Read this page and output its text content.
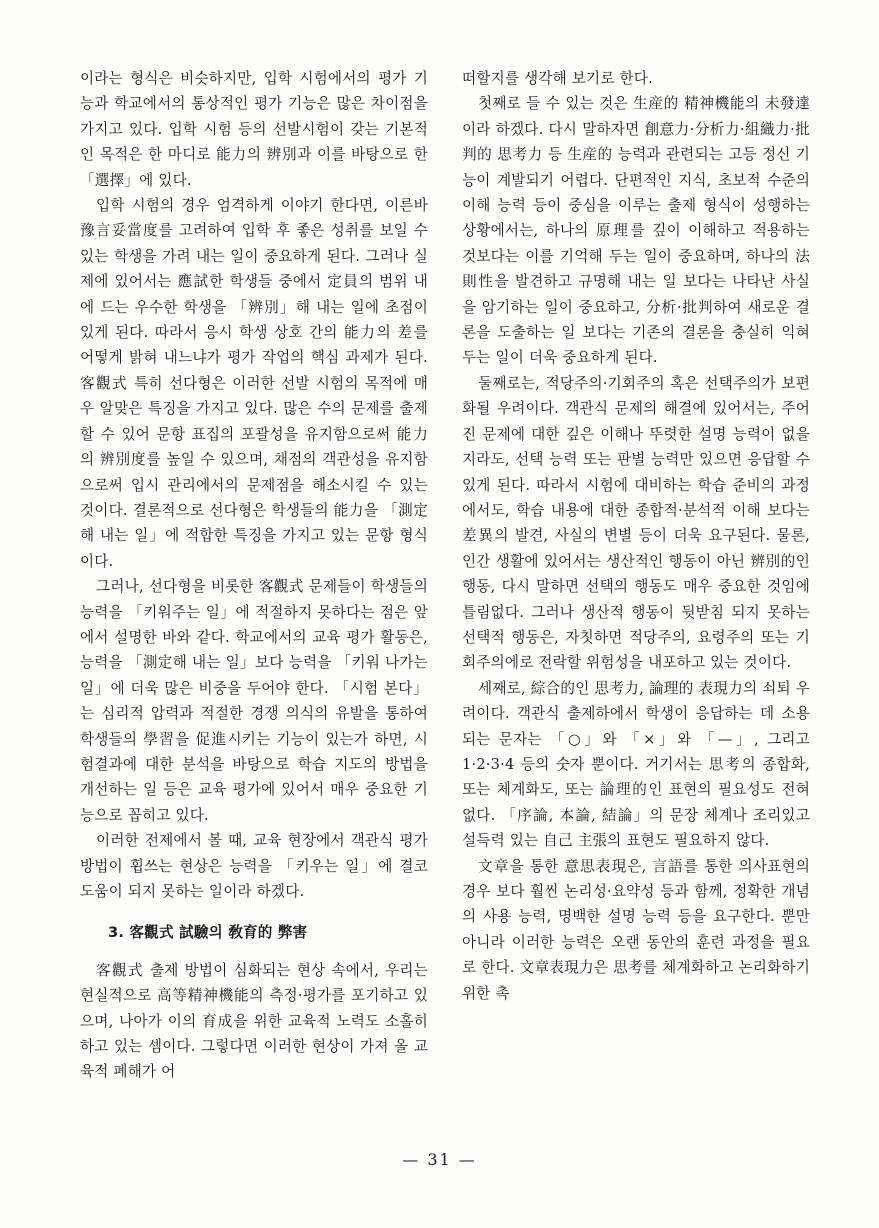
이라는 형식은 비슷하지만, 입학 시험에서의 평가 기능과 학교에서의 통상적인 평가 기능은 많은 차이점을 가지고 있다. 입학 시험 등의 선발시험이 갖는 기본적인 목적은 한 마디로 能力의 辨別과 이를 바탕으로 한 「選擇」에 있다.

입학 시험의 경우 엄격하게 이야기 한다면, 이른바 豫言妥當度를 고려하여 입학 후 좋은 성취를 보일 수 있는 학생을 가려 내는 일이 중요하게 된다. 그러나 실제에 있어서는 應試한 학생들 중에서 定員의 범위 내에 드는 우수한 학생을 「辨別」해 내는 일에 초점이 있게 된다. 따라서 응시 학생 상호 간의 能力의 差를 어떻게 밝혀 내느냐가 평가 작업의 핵심 과제가 된다. 客觀式 특히 선다형은 이러한 선발 시험의 목적에 매우 알맞은 특징을 가지고 있다. 많은 수의 문제를 출제할 수 있어 문항 표집의 포괄성을 유지함으로써 能力의 辨別度를 높일 수 있으며, 채점의 객관성을 유지함으로써 입시 관리에서의 문제점을 해소시킬 수 있는 것이다. 결론적으로 선다형은 학생들의 能力을 「測定해 내는 일」에 적합한 특징을 가지고 있는 문항 형식이다.

그러나, 선다형을 비롯한 客觀式 문제들이 학생들의 능력을 「키워주는 일」에 적절하지 못하다는 점은 앞에서 설명한 바와 같다. 학교에서의 교육 평가 활동은, 능력을 「測定해 내는 일」보다 능력을 「키워 나가는 일」에 더욱 많은 비중을 두어야 한다. 「시험 본다」는 심리적 압력과 적절한 경쟁 의식의 유발을 통하여 학생들의 學習을 促進시키는 기능이 있는가 하면, 시험결과에 대한 분석을 바탕으로 학습 지도의 방법을 개선하는 일 등은 교육 평가에 있어서 매우 중요한 기능으로 꼽히고 있다.

이러한 전제에서 볼 때, 교육 현장에서 객관식 평가 방법이 휩쓰는 현상은 능력을 「키우는 일」에 결코 도움이 되지 못하는 일이라 하겠다.

3. 客觀式 試驗의 敎育的 弊害

客觀式 출제 방법이 심화되는 현상 속에서, 우리는 현실적으로 高等精神機能의 측정·평가를 포기하고 있으며, 나아가 이의 育成을 위한 교육적 노력도 소홀히 하고 있는 셈이다. 그렇다면 이러한 현상이 가져 올 교육적 폐해가 어

떠할지를 생각해 보기로 한다.

첫째로 들 수 있는 것은 生産的 精神機能의 未發達이라 하겠다. 다시 말하자면 創意力·分析力·組織力·批判的 思考力 등 生産的 능력과 관련되는 고등 정신 기능이 계발되기 어렵다. 단편적인 지식, 초보적 수준의 이해 능력 등이 중심을 이루는 출제 형식이 성행하는 상황에서는, 하나의 原理를 깊이 이해하고 적용하는 것보다는 이를 기억해 두는 일이 중요하며, 하나의 法則性을 발견하고 규명해 내는 일 보다는 나타난 사실을 암기하는 일이 중요하고, 分析·批判하여 새로운 결론을 도출하는 일 보다는 기존의 결론을 충실히 익혀 두는 일이 더욱 중요하게 된다.

둘째로는, 적당주의·기회주의 혹은 선택주의가 보편화될 우려이다. 객관식 문제의 해결에 있어서는, 주어진 문제에 대한 깊은 이해나 뚜렷한 설명 능력이 없을지라도, 선택 능력 또는 판별 능력만 있으면 응답할 수 있게 된다. 따라서 시험에 대비하는 학습 준비의 과정에서도, 학습 내용에 대한 종합적·분석적 이해 보다는 差異의 발견, 사실의 변별 등이 더욱 요구된다. 물론, 인간 생활에 있어서는 생산적인 행동이 아닌 辨別的인 행동, 다시 말하면 선택의 행동도 매우 중요한 것임에 틀림없다. 그러나 생산적 행동이 뒷받침 되지 못하는 선택적 행동은, 자칫하면 적당주의, 요령주의 또는 기회주의에로 전락할 위험성을 내포하고 있는 것이다.

세째로, 綜合的인 思考力, 論理的 表現力의 쇠퇴 우려이다. 객관식 출제하에서 학생이 응답하는 데 소용되는 문자는 「○」와 「×」와 「—」, 그리고 1·2·3·4 등의 숫자 뿐이다. 거기서는 思考의 종합화, 또는 체계화도, 또는 論理的인 표현의 필요성도 전혀 없다. 「序論, 本論, 結論」의 문장 체계나 조리있고 설득력 있는 自己 主張의 표현도 필요하지 않다.

文章을 통한 意思表現은, 言語를 통한 의사표현의 경우 보다 훨씬 논리성·요약성 등과 함께, 정확한 개념의 사용 능력, 명백한 설명 능력 등을 요구한다. 뿐만 아니라 이러한 능력은 오랜 동안의 훈련 과정을 필요로 한다. 文章表現力은 思考를 체계화하고 논리화하기 위한 촉

— 31 —
